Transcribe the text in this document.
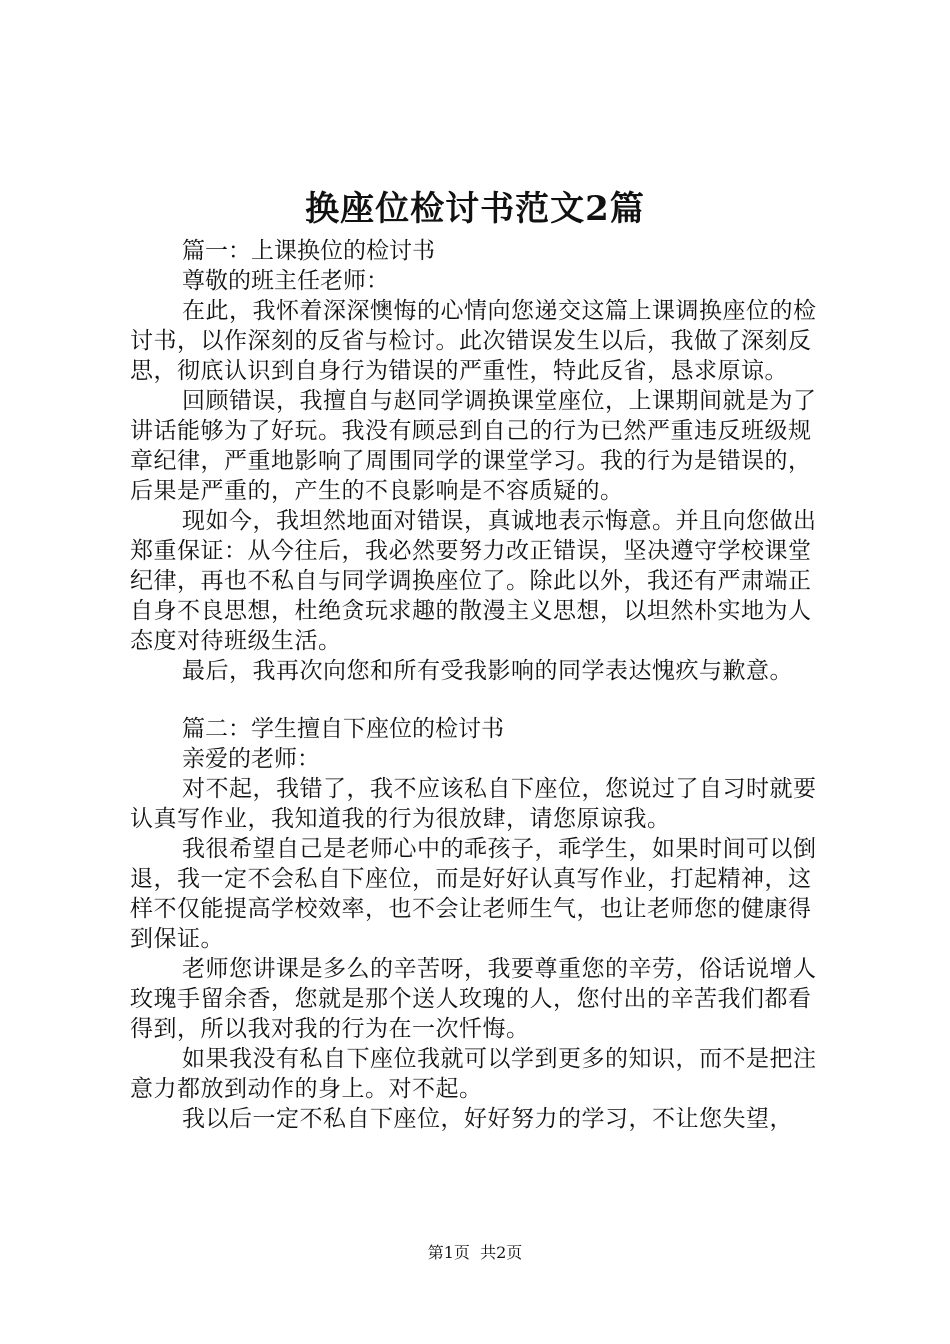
换座位检讨书范文2篇

篇一：上课换位的检讨书

尊敬的班主任老师：

在此，我怀着深深懊悔的心情向您递交这篇上课调换座位的检讨书，以作深刻的反省与检讨。此次错误发生以后，我做了深刻反思，彻底认识到自身行为错误的严重性，特此反省，恳求原谅。

回顾错误，我擅自与赵同学调换课堂座位，上课期间就是为了讲话能够为了好玩。我没有顾忌到自己的行为已然严重违反班级规章纪律，严重地影响了周围同学的课堂学习。我的行为是错误的，后果是严重的，产生的不良影响是不容质疑的。

现如今，我坦然地面对错误，真诚地表示悔意。并且向您做出郑重保证：从今往后，我必然要努力改正错误，坚决遵守学校课堂纪律，再也不私自与同学调换座位了。除此以外，我还有严肃端正自身不良思想，杜绝贪玩求趣的散漫主义思想，以坦然朴实地为人态度对待班级生活。

最后，我再次向您和所有受我影响的同学表达愧疚与歉意。

篇二：学生擅自下座位的检讨书

亲爱的老师：

对不起，我错了，我不应该私自下座位，您说过了自习时就要认真写作业，我知道我的行为很放肆，请您原谅我。

我很希望自己是老师心中的乖孩子，乖学生，如果时间可以倒退，我一定不会私自下座位，而是好好认真写作业，打起精神，这样不仅能提高学校效率，也不会让老师生气，也让老师您的健康得到保证。

老师您讲课是多么的辛苦呀，我要尊重您的辛劳，俗话说增人玫瑰手留余香，您就是那个送人玫瑰的人，您付出的辛苦我们都看得到，所以我对我的行为在一次忏悔。

如果我没有私自下座位我就可以学到更多的知识，而不是把注意力都放到动作的身上。对不起。

我以后一定不私自下座位，好好努力的学习，不让您失望，

第1页  共2页
